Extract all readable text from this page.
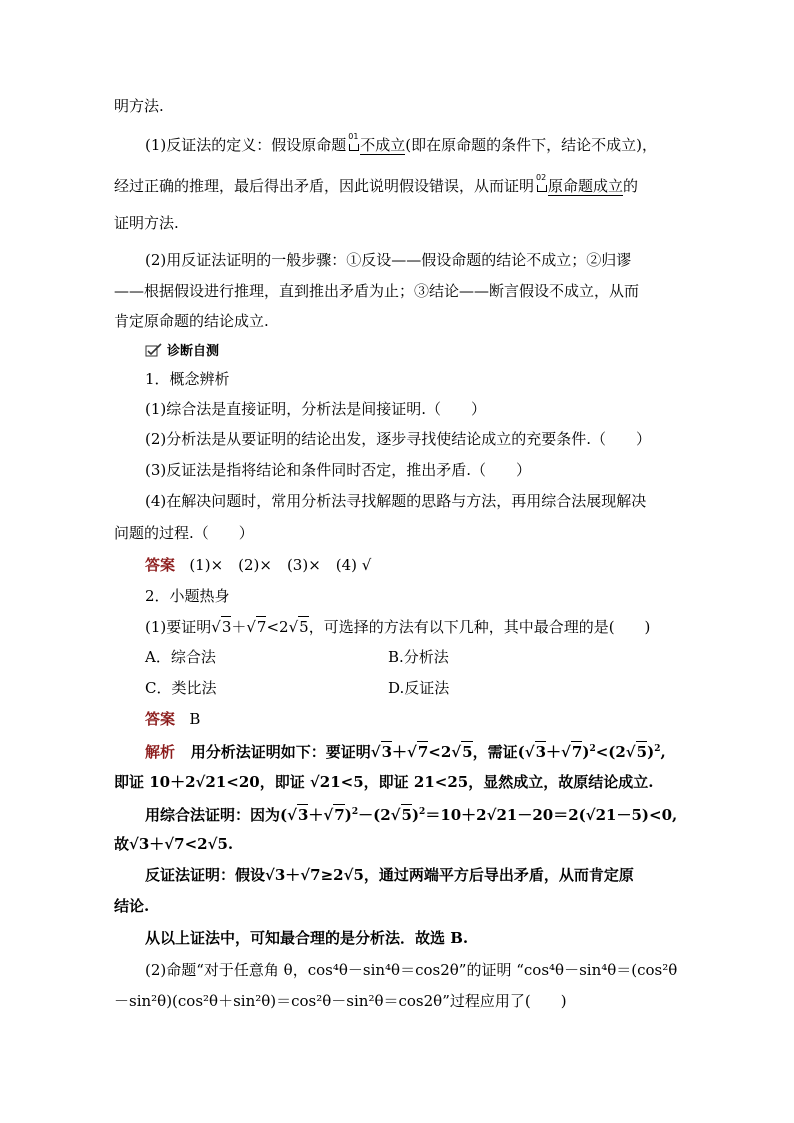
明方法.
(1)反证法的定义：假设原命题 01 不成立(即在原命题的条件下，结论不成立)，
经过正确的推理，最后得出矛盾，因此说明假设错误，从而证明 02 原命题成立的
证明方法.
(2)用反证法证明的一般步骤：①反设——假设命题的结论不成立；②归谬
——根据假设进行推理，直到推出矛盾为止；③结论——断言假设不成立，从而
肯定原命题的结论成立.
诊断自测
1．概念辨析
(1)综合法是直接证明，分析法是间接证明.（　　）
(2)分析法是从要证明的结论出发，逐步寻找使结论成立的充要条件.（　　）
(3)反证法是指将结论和条件同时否定，推出矛盾.（　　）
(4)在解决问题时，常用分析法寻找解题的思路与方法，再用综合法展现解决
问题的过程.（　　）
答案 (1)×　(2)×　(3)×　(4) √
2．小题热身
(1)要证明√3＋√7<2√5，可选择的方法有以下几种，其中最合理的是(　　)
A．综合法	B.分析法
C．类比法	D.反证法
答案 B
解析 用分析法证明如下：要证明√3＋√7<2√5，需证$(√3+√7)^2<(2√5)^2$,
即证 10＋2√21<20，即证 √21<5，即证 21<25，显然成立，故原结论成立.
用综合法证明：因为$(√3+√7)^2-(2√5)^2=10+2√21-20=2(√21-5)<0$,
故√3＋√7<2√5.
反证法证明：假设√3＋√7≥2√5，通过两端平方后导出矛盾，从而肯定原
结论.
从以上证法中，可知最合理的是分析法．故选 B.
(2)命题“对于任意角 θ，cos⁴θ－sin⁴θ＝cos2θ”的证明 “cos⁴θ－sin⁴θ＝(cos²θ
－sin²θ)(cos²θ＋sin²θ)＝cos²θ－sin²θ＝cos2θ”过程应用了(　　)
